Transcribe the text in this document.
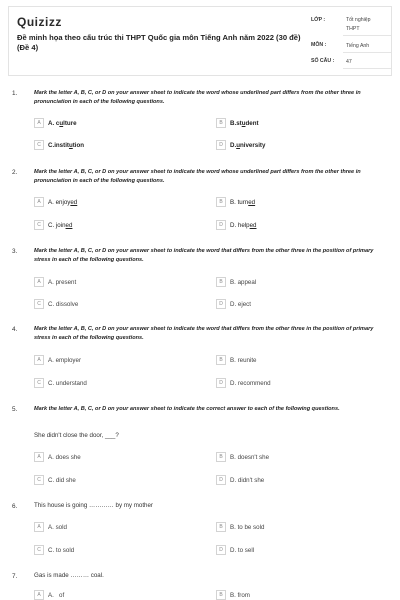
Quizizz
Đề minh họa theo cấu trúc thi THPT Quốc gia môn Tiếng Anh năm 2022 (30 đề) (Đề 4)
LỚP :	Tốt nghiệp
THPT
MÔN :	Tiếng Anh
SỐ CÂU : 47
1.	Mark the letter A, B, C, or D on your answer sheet to indicate the word whose underlined part differs from the other three in pronunciation in each of the following questions.
A	A. culture	B	B.student
C	C.institution	D	D.university
2.	Mark the letter A, B, C, or D on your answer sheet to indicate the word whose underlined part differs from the other three in pronunciation in each of the following questions.
A	A. enjoyed	B	B. turned
C	C. joined	D	D. helped
3.	Mark the letter A, B, C, or D on your answer sheet to indicate the word that differs from the other three in the position of primary stress in each of the following questions.
A	A. present	B	B. appeal
C	C. dissolve	D	D. eject
4.	Mark the letter A, B, C, or D on your answer sheet to indicate the word that differs from the other three in the position of primary stress in each of the following questions.
A	A. employer	B	B. reunite
C	C. understand	D	D. recommend
5.	Mark the letter A, B, C, or D on your answer sheet to indicate the correct answer to each of the following questions.
She didn't close the door, ___?
A	A. does she	B	B. doesn't she
C	C. did she	D	D. didn't she
6.	This house is going ………… by my mother
A	A. sold	B	B. to be sold
C	C. to sold	D	D. to sell
7.	Gas is made ……… coal.
A	A.   of	B	B. from
